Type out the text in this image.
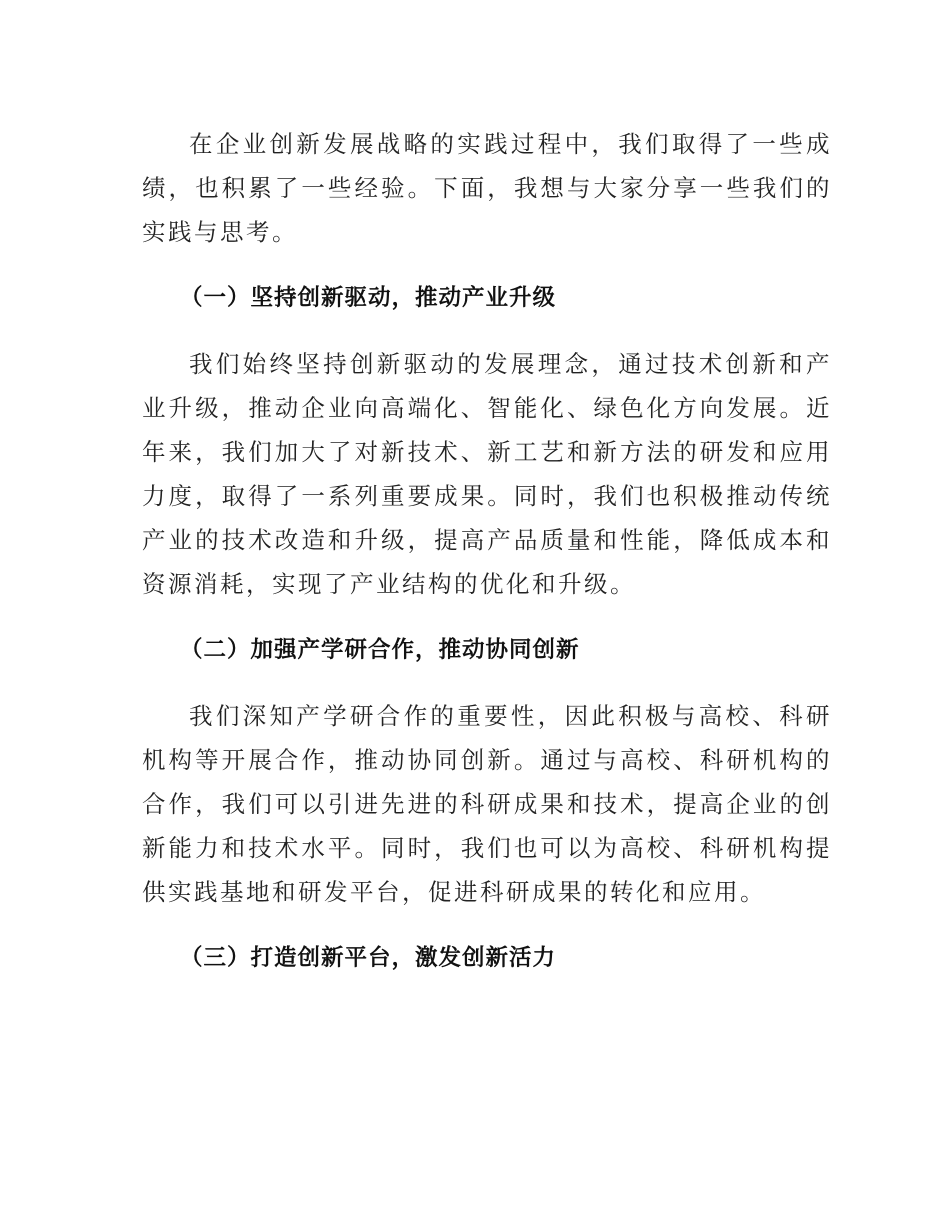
在企业创新发展战略的实践过程中，我们取得了一些成绩，也积累了一些经验。下面，我想与大家分享一些我们的实践与思考。

（一）坚持创新驱动，推动产业升级

我们始终坚持创新驱动的发展理念，通过技术创新和产业升级，推动企业向高端化、智能化、绿色化方向发展。近年来，我们加大了对新技术、新工艺和新方法的研发和应用力度，取得了一系列重要成果。同时，我们也积极推动传统产业的技术改造和升级，提高产品质量和性能，降低成本和资源消耗，实现了产业结构的优化和升级。

（二）加强产学研合作，推动协同创新

我们深知产学研合作的重要性，因此积极与高校、科研机构等开展合作，推动协同创新。通过与高校、科研机构的合作，我们可以引进先进的科研成果和技术，提高企业的创新能力和技术水平。同时，我们也可以为高校、科研机构提供实践基地和研发平台，促进科研成果的转化和应用。

（三）打造创新平台，激发创新活力
